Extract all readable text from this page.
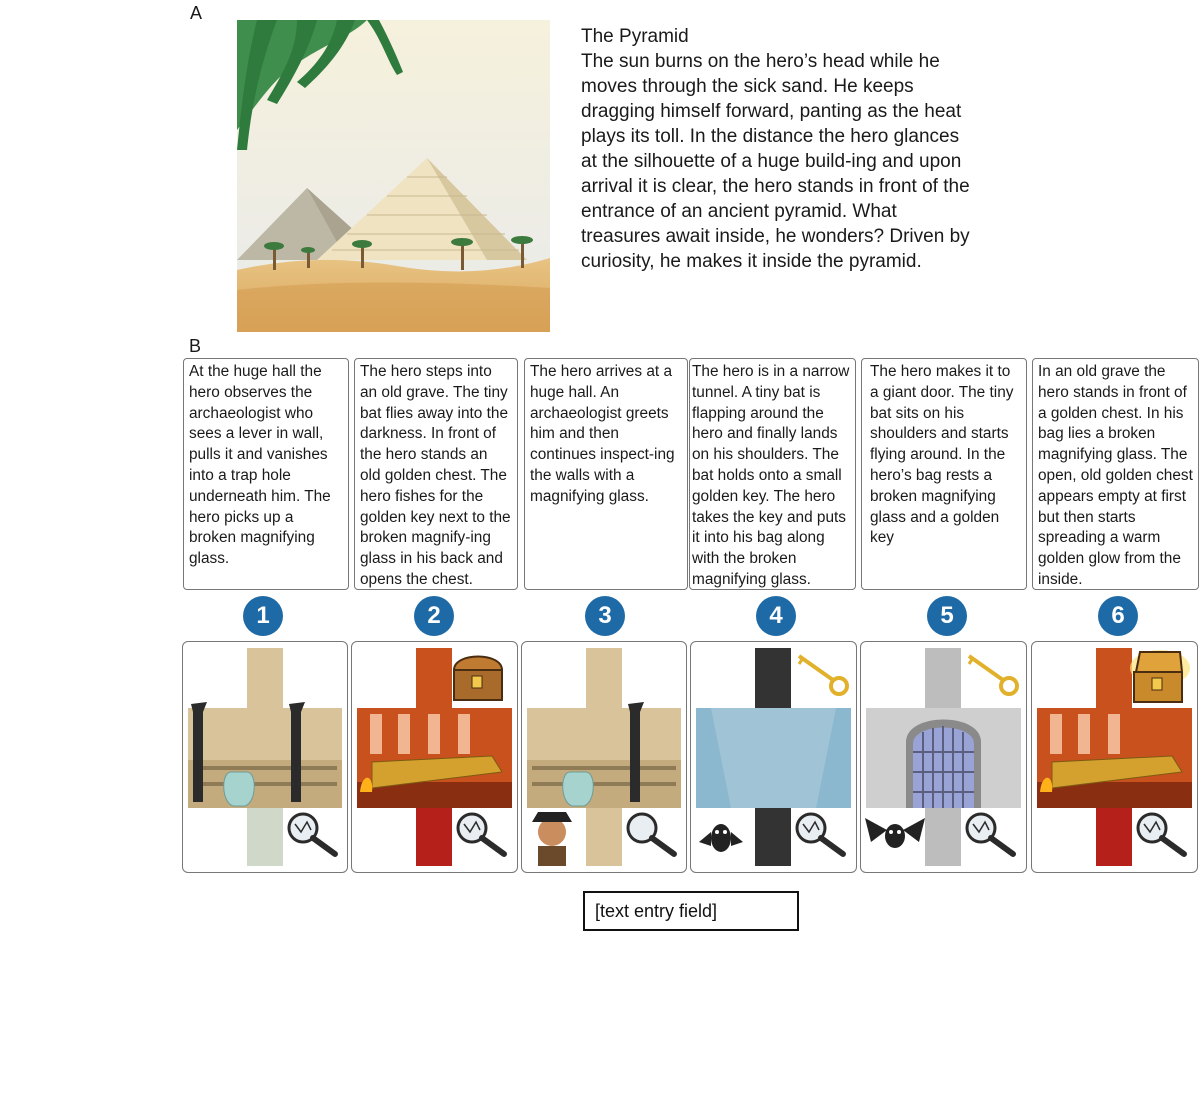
A

The Pyramid

The sun burns on the hero’s head while he moves through the sick sand. He keeps dragging himself forward, panting as the heat plays its toll. In the distance the hero glances at the silhouette of a huge build-ing and upon arrival it is clear, the hero stands in front of the entrance of an ancient pyramid. What treasures await inside, he wonders? Driven by curiosity, he makes it inside the pyramid.

B
At the huge hall the hero observes the archaeologist who sees a lever in wall, pulls it and vanishes into a trap hole underneath him. The hero picks up a broken magnifying glass.
The hero steps into an old grave. The tiny bat flies away into the darkness. In front of the hero stands an old golden chest. The hero fishes for the golden key next to the broken magnify-ing glass in his back and opens the chest.
The hero arrives at a huge hall. An archaeologist greets him and then continues inspect-ing the walls with a magnifying glass.
The hero is in a narrow tunnel. A tiny bat is flapping around the hero and finally lands on his shoulders. The bat holds onto a small golden key. The hero takes the key and puts it into his bag along with the broken magnifying glass.
The hero makes it to a giant door. The tiny bat sits on his shoulders and starts flying around. In the hero’s bag rests a broken magnifying glass and a golden key
In an old grave the hero stands in front of a golden chest. In his bag lies a broken magnifying glass. The open, old golden chest appears empty at first but then starts spreading a warm golden glow from the inside.
1	2	3	4	5	6
[text entry field]
